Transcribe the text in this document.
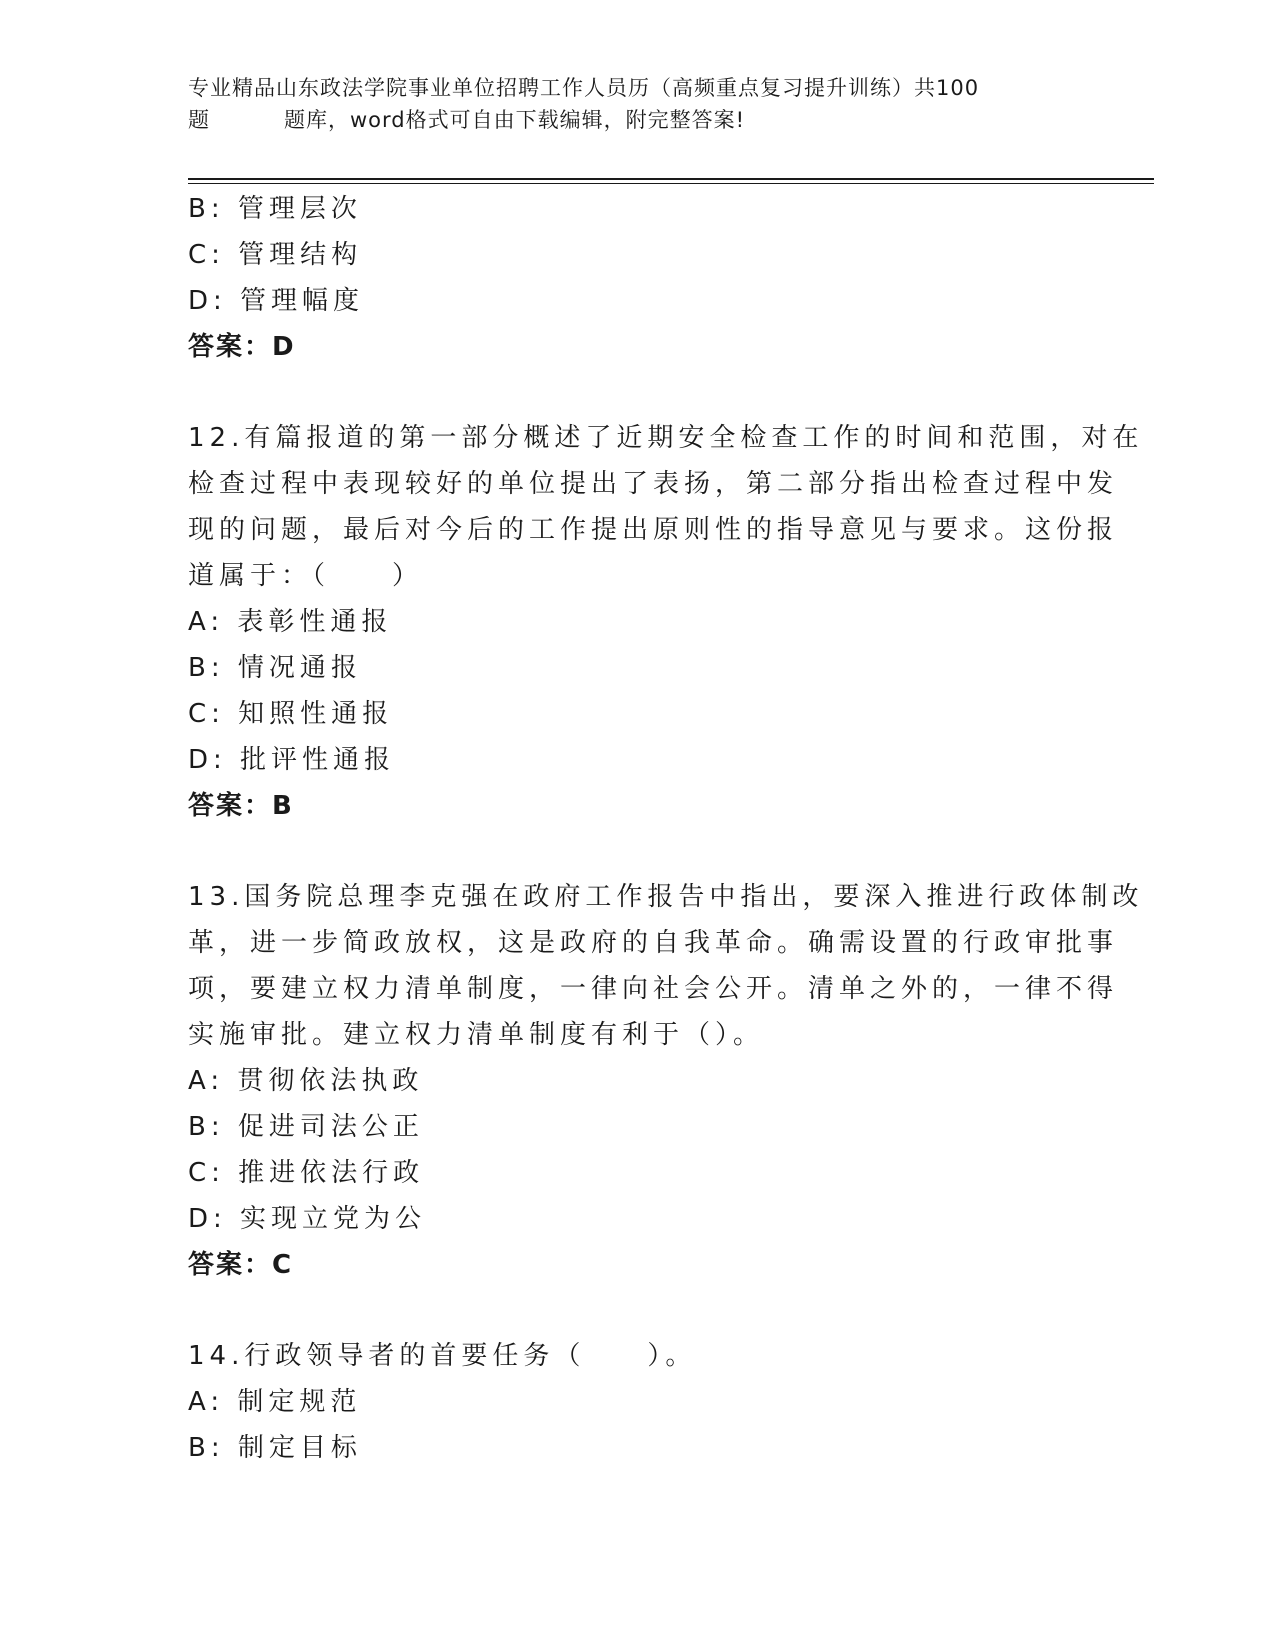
专业精品山东政法学院事业单位招聘工作人员历（高频重点复习提升训练）共100
题	题库，word格式可自由下载编辑，附完整答案!
B: 管理层次
C: 管理结构
D: 管理幅度
答案：D
12.有篇报道的第一部分概述了近期安全检查工作的时间和范围，对在
检查过程中表现较好的单位提出了表扬，第二部分指出检查过程中发
现的问题，最后对今后的工作提出原则性的指导意见与要求。这份报
道属于：（　　）
A: 表彰性通报
B: 情况通报
C: 知照性通报
D: 批评性通报
答案：B
13.国务院总理李克强在政府工作报告中指出，要深入推进行政体制改
革，进一步简政放权，这是政府的自我革命。确需设置的行政审批事
项，要建立权力清单制度，一律向社会公开。清单之外的，一律不得
实施审批。建立权力清单制度有利于（）。
A: 贯彻依法执政
B: 促进司法公正
C: 推进依法行政
D: 实现立党为公
答案：C
14.行政领导者的首要任务（　　）。
A: 制定规范
B: 制定目标
